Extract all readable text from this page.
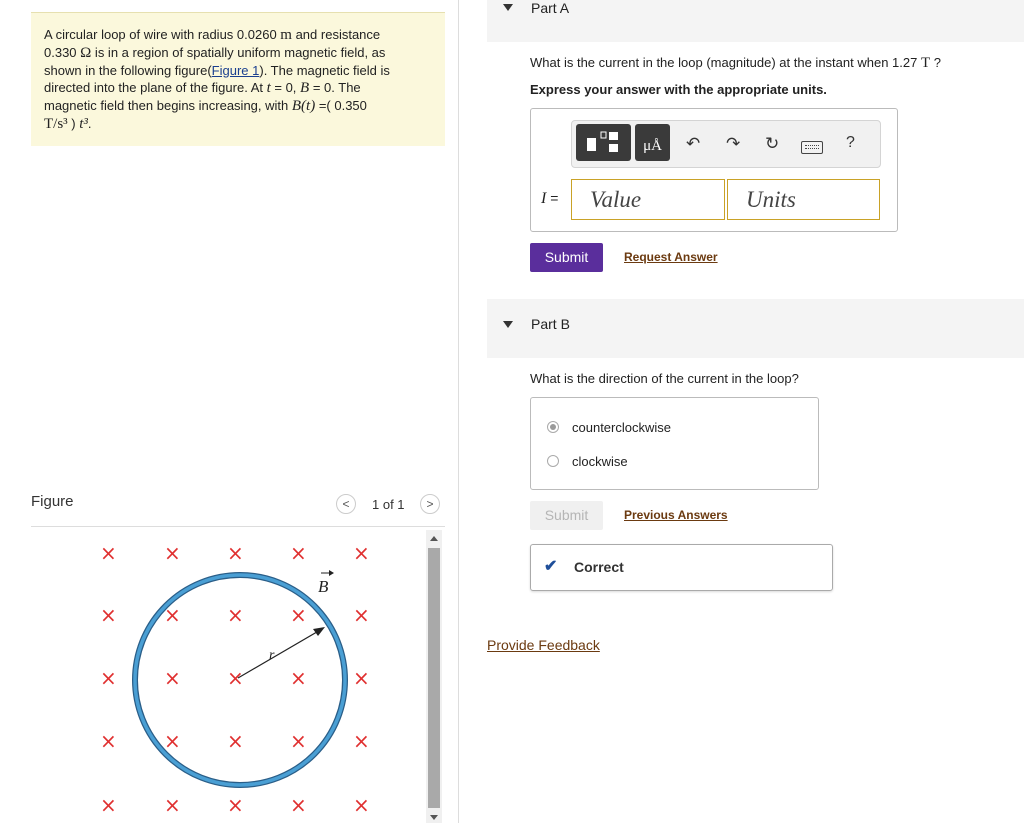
A circular loop of wire with radius 0.0260 m and resistance
0.330 Ω is in a region of spatially uniform magnetic field, as
shown in the following figure(Figure 1). The magnetic field is
directed into the plane of the figure. At t = 0, B = 0. The
magnetic field then begins increasing, with B(t) =( 0.350
T/s³ ) t³.
Figure	<	1 of 1	>
× × × × ×
× × × × ×
× × × × ×
× × × × ×
× × × × ×
r
B
Part A
What is the current in the loop (magnitude) at the instant when 1.27 T ?
Express your answer with the appropriate units.
μÅ	↶ ↷ ↻	?
I =	Value	Units
Submit	Request Answer
Part B
What is the direction of the current in the loop?
counterclockwise
clockwise
Submit	Previous Answers
✔ Correct
Provide Feedback
